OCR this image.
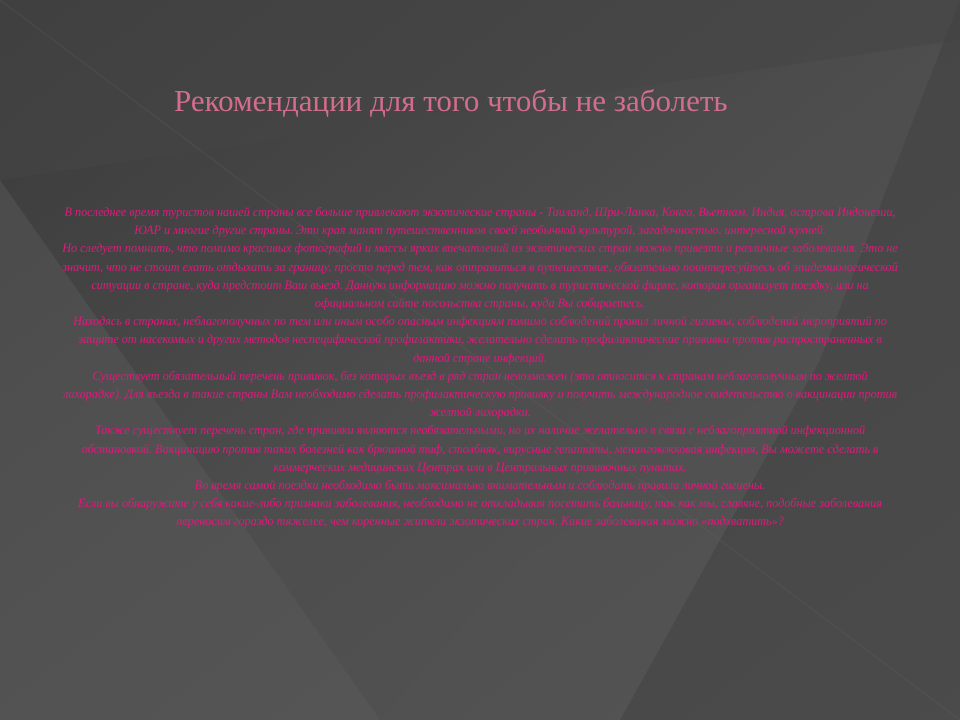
Рекомендации для того чтобы не заболеть

В последнее время туристов нашей страны все больше привлекают экзотические страны - Таиланд, Шри-Ланка, Конго, Вьетнам, Индия, острова Индонезии, ЮАР и многие другие страны. Эти края манят путешественников своей необычной культурой, загадочностью, интересной кухней.

Но следует помнить, что помимо красивых фотографий и массы ярких впечатлений из экзотических стран можно привезти и различные заболевания. Это не значит, что не стоит ехать отдыхать за границу, просто перед тем, как отправиться в путешествие, обязательно поинтересуйтесь об эпидемиологической ситуации в стране, куда предстоит Ваш выезд. Данную информацию можно получить в туристической фирме, которая организует поездку, или на официальном сайте посольства страны, куда Вы собираетесь.

Находясь в странах, неблагополучных по тем или иным особо опасным инфекциям помимо соблюдений правил личной гигиены, соблюдений мероприятий по защите от насекомых и других методов неспецифической профилактики, желательно сделать профилактические прививки против распространенных в данной стране инфекций.

Существует обязательный перечень прививок, без которых въезд в ряд стран невозможен (это относится к странам неблагополучным по желтой лихорадке). Для въезда в такие страны Вам необходимо сделать профилактическую прививку и получить международное свидетельство о вакцинации против желтой лихорадки.

Также существует перечень стран, где прививки являются необязательными, но их наличие желательно в связи с неблагоприятной инфекционной обстановкой. Вакцинацию против таких болезней как брюшной тиф, столбняк, вирусные гепатиты, менингококковая инфекция, Вы можете сделать в коммерческих медицинских Центрах или в Центральных прививочных пунктах.

Во время самой поездки необходимо быть максимально внимательным и соблюдать правила личной гигиены.

Если вы обнаружите у себя какие-либо признаки заболевания, необходимо не откладывая посетить больницу, так как мы, славяне, подобные заболевания переносим гораздо тяжелее, чем коренные жители экзотических стран. Какие заболевания можно «подхватить»?
